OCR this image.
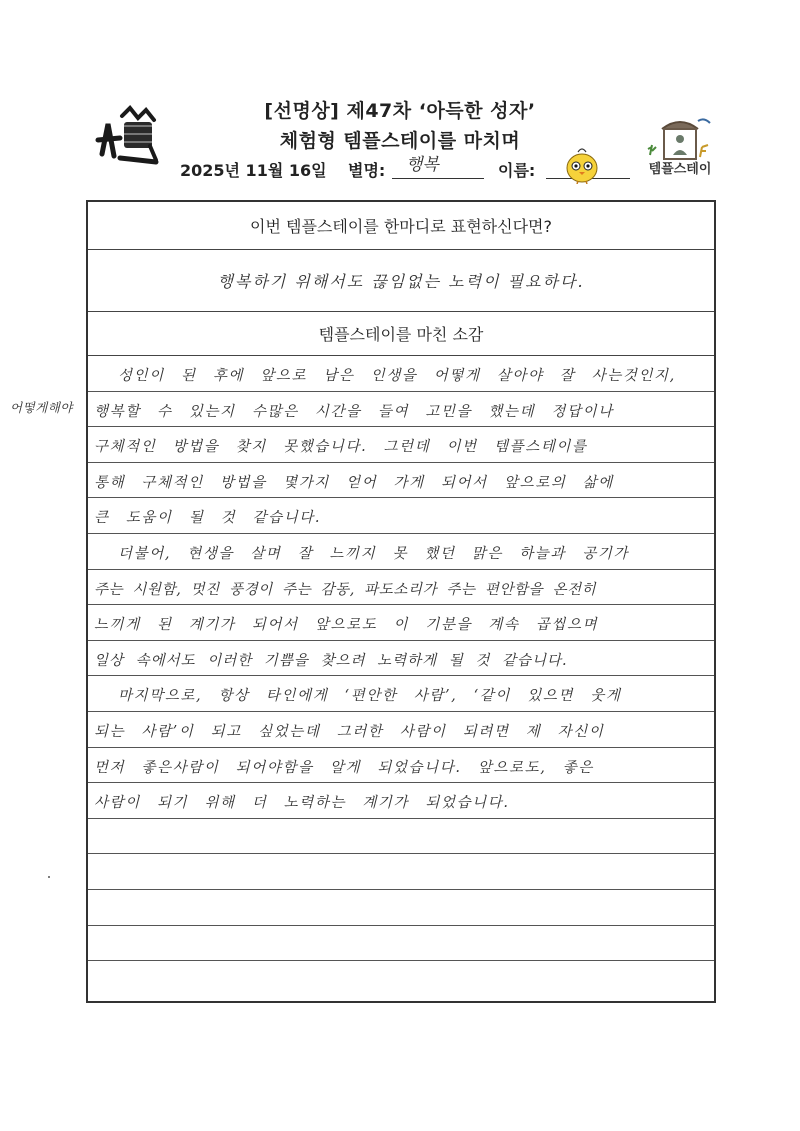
템플스테이
[선명상] 제47차 ‘아득한 성자’
체험형 템플스테이를 마치며
2025년 11월 16일 별명: 행복	이름:
이번 템플스테이를 한마디로 표현하신다면?
행복하기 위해서도 끊임없는 노력이 필요하다.
템플스테이를 마친 소감
성인이 된 후에 앞으로 남은 인생을 어떻게 살아야 잘 사는것인지,
행복할 수 있는지 수많은 시간을 들여 고민을 했는데 정답이나
구체적인 방법을 찾지 못했습니다. 그런데 이번 템플스테이를
통해 구체적인 방법을 몇가지 얻어 가게 되어서 앞으로의 삶에
큰 도움이 될 것 같습니다.
더불어, 현생을 살며 잘 느끼지 못 했던 맑은 하늘과 공기가
주는 시원함, 멋진 풍경이 주는 감동, 파도소리가 주는 편안함을 온전히
느끼게 된 계기가 되어서 앞으로도 이 기분을 계속 곱씹으며
일상 속에서도 이러한 기쁨을 찾으려 노력하게 될 것 같습니다.
마지막으로, 항상 타인에게 ‘편안한 사람’, ‘같이 있으면 웃게
되는 사람’이 되고 싶었는데 그러한 사람이 되려면 제 자신이
먼저 좋은사람이 되어야함을 알게 되었습니다. 앞으로도, 좋은
사람이 되기 위해 더 노력하는 계기가 되었습니다.
어떻게해야
